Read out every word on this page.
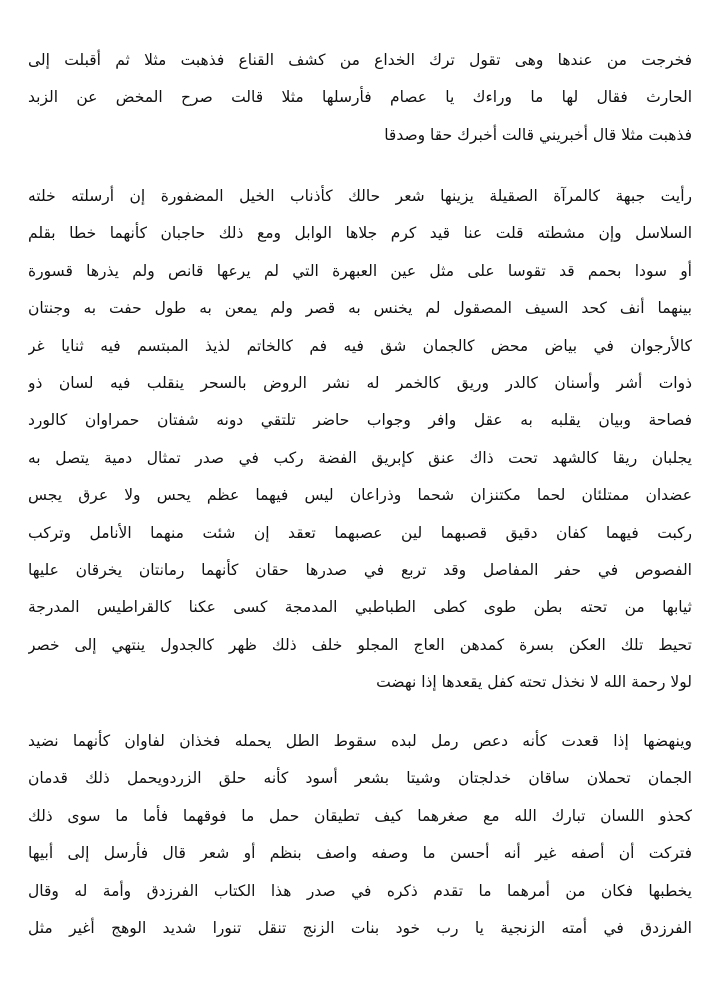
فخرجت من عندها وهى تقول ترك الخداع من كشف القناع فذهبت مثلا ثم أقبلت إلى
الحارث فقال لها ما وراءك يا عصام فأرسلها مثلا قالت صرح المخض عن الزبد
فذهبت مثلا قال أخبريني قالت أخبرك حقا وصدقا
رأيت جبهة كالمرآة الصقيلة يزينها شعر حالك كأذناب الخيل المضفورة إن أرسلته خلته
السلاسل وإن مشطته قلت عنا قيد كرم جلاها الوابل ومع ذلك حاجبان كأنهما خطا بقلم
أو سودا بحمم قد تقوسا على مثل عين العبهرة التي لم يرعها قانص ولم يذرها قسورة
بينهما أنف كحد السيف المصقول لم يخنس به قصر ولم يمعن به طول حفت به وجنتان
كالأرجوان في بياض محض كالجمان شق فيه فم كالخاتم لذيذ المبتسم فيه ثنايا غر
ذوات أشر وأسنان كالدر وريق كالخمر له نشر الروض بالسحر ينقلب فيه لسان ذو
فصاحة وبيان يقلبه به عقل وافر وجواب حاضر تلتقي دونه شفتان حمراوان كالورد
يجلبان ريقا كالشهد تحت ذاك عنق كإبريق الفضة ركب في صدر تمثال دمية يتصل به
عضدان ممتلئان لحما مكتنزان شحما وذراعان ليس فيهما عظم يحس ولا عرق يجس
ركبت فيهما كفان دقيق قصبهما لين عصبهما تعقد إن شئت منهما الأنامل وتركب
الفصوص في حفر المفاصل وقد تربع في صدرها حقان كأنهما رمانتان يخرقان عليها
ثيابها من تحته بطن طوى كطى الطباطبي المدمجة كسى عكنا كالقراطيس المدرجة
تحيط تلك العكن بسرة كمدهن العاج المجلو خلف ذلك ظهر كالجدول ينتهي إلى خصر
لولا رحمة الله لا نخذل تحته كفل يقعدها إذا نهضت
وينهضها إذا قعدت كأنه دعص رمل لبده سقوط الطل يحمله فخذان لفاوان كأنهما نضيد
الجمان تحملان ساقان خدلجتان وشيتا بشعر أسود كأنه حلق الزردويحمل ذلك قدمان
كحذو اللسان تبارك الله مع صغرهما كيف تطيقان حمل ما فوقهما فأما ما سوى ذلك
فتركت أن أصفه غير أنه أحسن ما وصفه واصف بنظم أو شعر قال فأرسل إلى أبيها
يخطبها فكان من أمرهما ما تقدم ذكره في صدر هذا الكتاب الفرزدق وأمة له وقال
الفرزدق في أمته الزنجية يا رب خود بنات الزنج تنقل تنورا شديد الوهج أغير مثل
